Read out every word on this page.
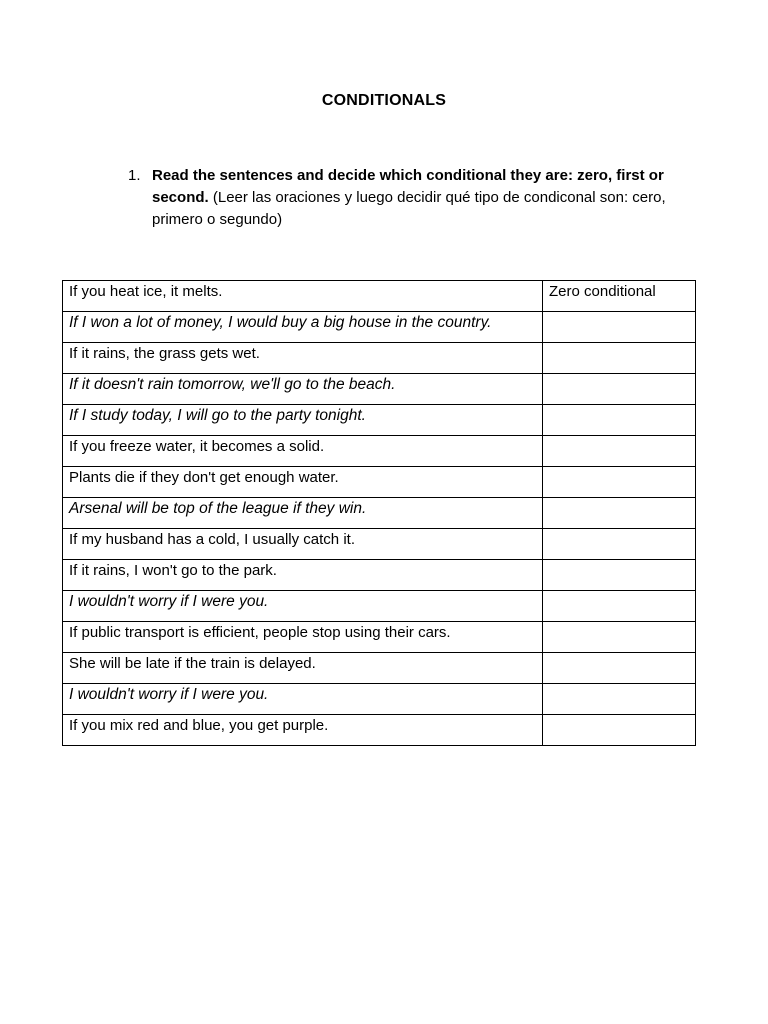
CONDITIONALS
1. Read the sentences and decide which conditional they are: zero, first or second. (Leer las oraciones y luego decidir qué tipo de condiconal son: cero, primero o segundo)
If you heat ice, it melts.	Zero conditional
If I won a lot of money, I would buy a big house in the country.	
If it rains, the grass gets wet.	
If it doesn't rain tomorrow, we'll go to the beach.	
If I study today, I will go to the party tonight.	
If you freeze water, it becomes a solid.	
Plants die if they don't get enough water.	
Arsenal will be top of the league if they win.	
If my husband has a cold, I usually catch it.	
If it rains, I won't go to the park.	
I wouldn't worry if I were you.	
If public transport is efficient, people stop using their cars.	
She will be late if the train is delayed.	
I wouldn't worry if I were you.	
If you mix red and blue, you get purple.	
